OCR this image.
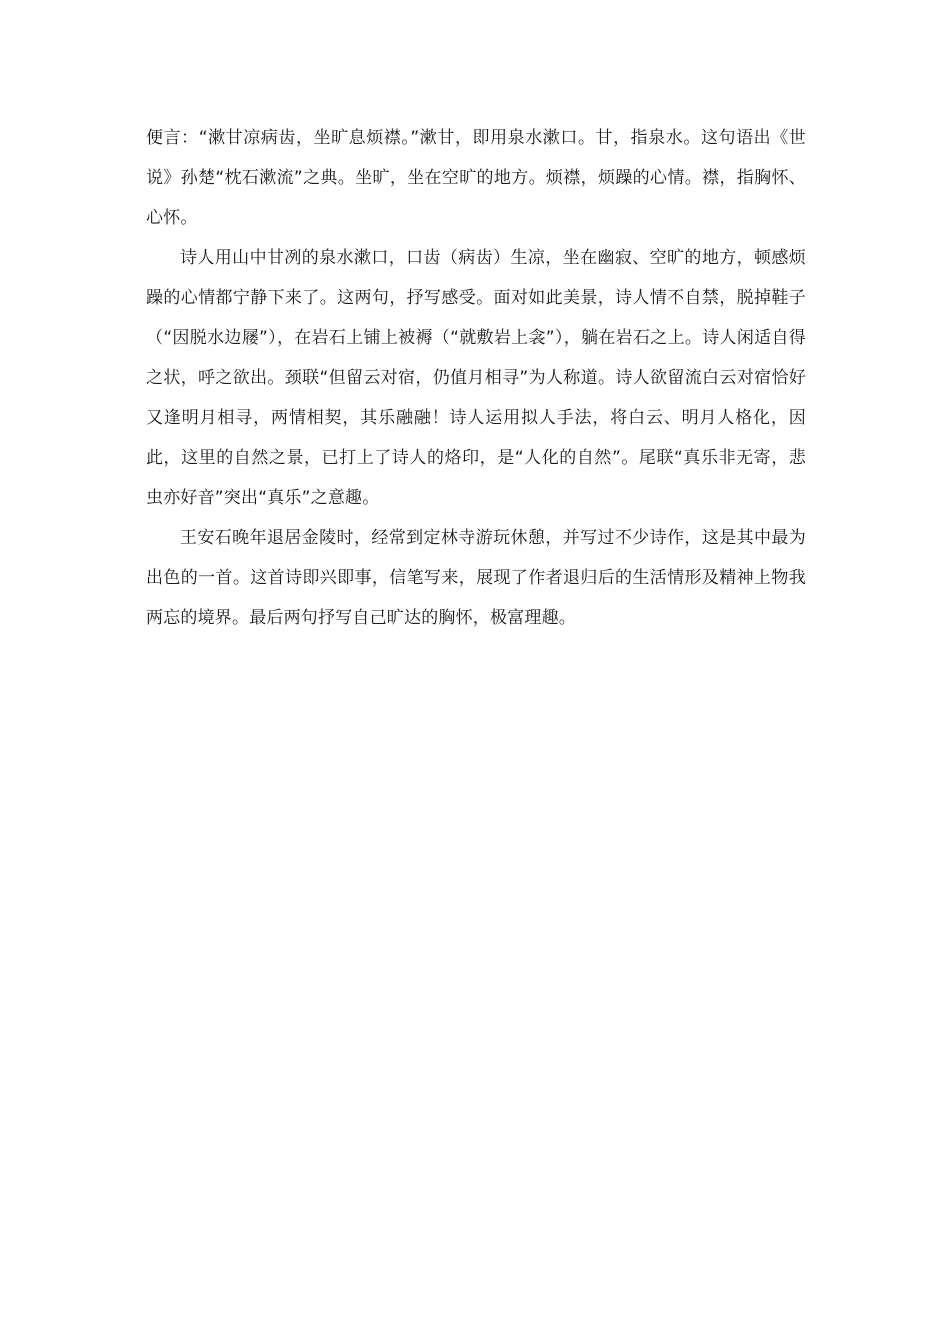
便言：“漱甘凉病齿，坐旷息烦襟。”漱甘，即用泉水漱口。甘，指泉水。这句语出《世说》孙楚“枕石漱流”之典。坐旷，坐在空旷的地方。烦襟，烦躁的心情。襟，指胸怀、心怀。

诗人用山中甘冽的泉水漱口，口齿（病齿）生凉，坐在幽寂、空旷的地方，顿感烦躁的心情都宁静下来了。这两句，抒写感受。面对如此美景，诗人情不自禁，脱掉鞋子（“因脱水边屦”），在岩石上铺上被褥（“就敷岩上衾”），躺在岩石之上。诗人闲适自得之状，呼之欲出。颈联“但留云对宿，仍值月相寻”为人称道。诗人欲留流白云对宿恰好又逢明月相寻，两情相契，其乐融融！诗人运用拟人手法，将白云、明月人格化，因此，这里的自然之景，已打上了诗人的烙印，是“人化的自然”。尾联“真乐非无寄，悲虫亦好音”突出“真乐”之意趣。

王安石晚年退居金陵时，经常到定林寺游玩休憩，并写过不少诗作，这是其中最为出色的一首。这首诗即兴即事，信笔写来，展现了作者退归后的生活情形及精神上物我两忘的境界。最后两句抒写自己旷达的胸怀，极富理趣。
